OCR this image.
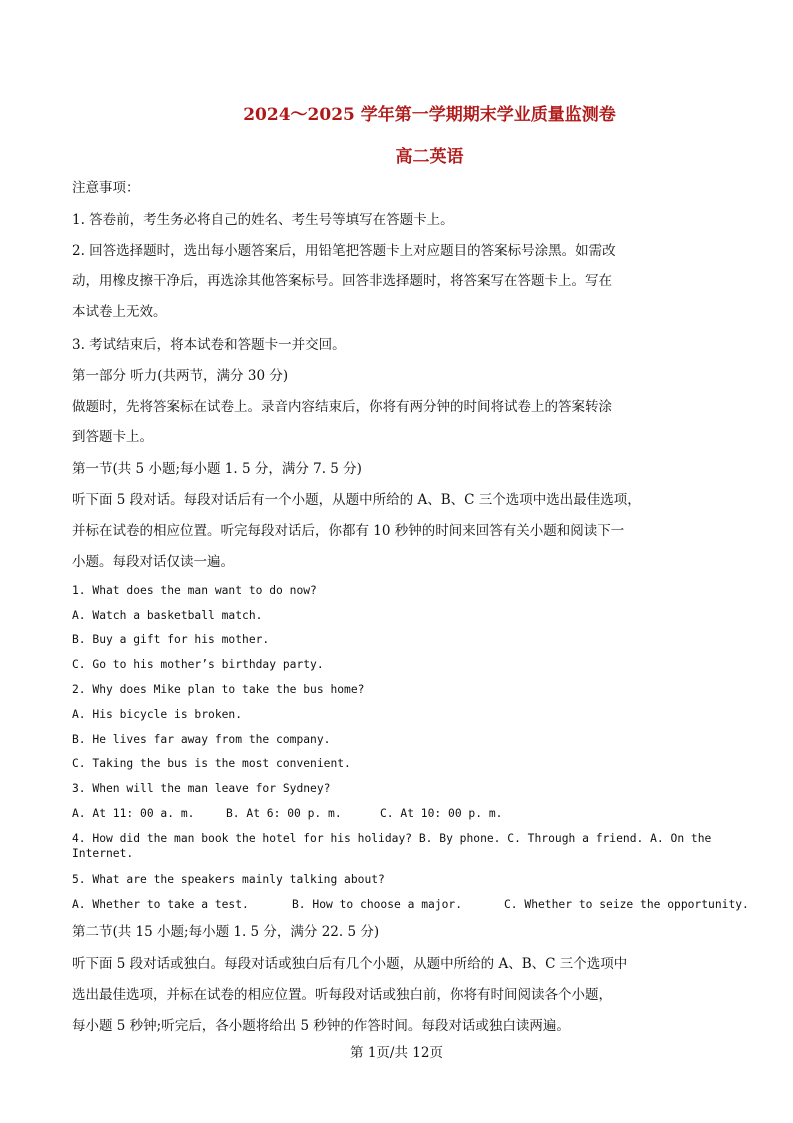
2024～2025 学年第一学期期末学业质量监测卷
高二英语
注意事项：
1. 答卷前，考生务必将自己的姓名、考生号等填写在答题卡上。
2. 回答选择题时，选出每小题答案后，用铅笔把答题卡上对应题目的答案标号涂黑。如需改
动，用橡皮擦干净后，再选涂其他答案标号。回答非选择题时，将答案写在答题卡上。写在
本试卷上无效。
3. 考试结束后，将本试卷和答题卡一并交回。
第一部分 听力(共两节，满分 30 分)
做题时，先将答案标在试卷上。录音内容结束后，你将有两分钟的时间将试卷上的答案转涂
到答题卡上。
第一节(共 5 小题;每小题 1. 5 分，满分 7. 5 分)
听下面 5 段对话。每段对话后有一个小题，从题中所给的 A、B、C 三个选项中选出最佳选项，
并标在试卷的相应位置。听完每段对话后，你都有 10 秒钟的时间来回答有关小题和阅读下一
小题。每段对话仅读一遍。
1. What does the man want to do now?
A. Watch a basketball match.
B. Buy a gift for his mother.
C. Go to his mother’s birthday party.
2. Why does Mike plan to take the bus home?
A. His bicycle is broken.
B. He lives far away from the company.
C. Taking the bus is the most convenient.
3. When will the man leave for Sydney?
A. At 11: 00 a. m.	B. At 6: 00 p. m.	C. At 10: 00 p. m.
4. How did the man book the hotel for his holiday? B. By phone. C. Through a friend. A. On the Internet.
5. What are the speakers mainly talking about?
A. Whether to take a test.	B. How to choose a major.	C. Whether to seize the opportunity.
第二节(共 15 小题;每小题 1. 5 分，满分 22. 5 分)
听下面 5 段对话或独白。每段对话或独白后有几个小题，从题中所给的 A、B、C 三个选项中
选出最佳选项，并标在试卷的相应位置。听每段对话或独白前，你将有时间阅读各个小题，
每小题 5 秒钟;听完后，各小题将给出 5 秒钟的作答时间。每段对话或独白读两遍。
第 1页/共 12页
